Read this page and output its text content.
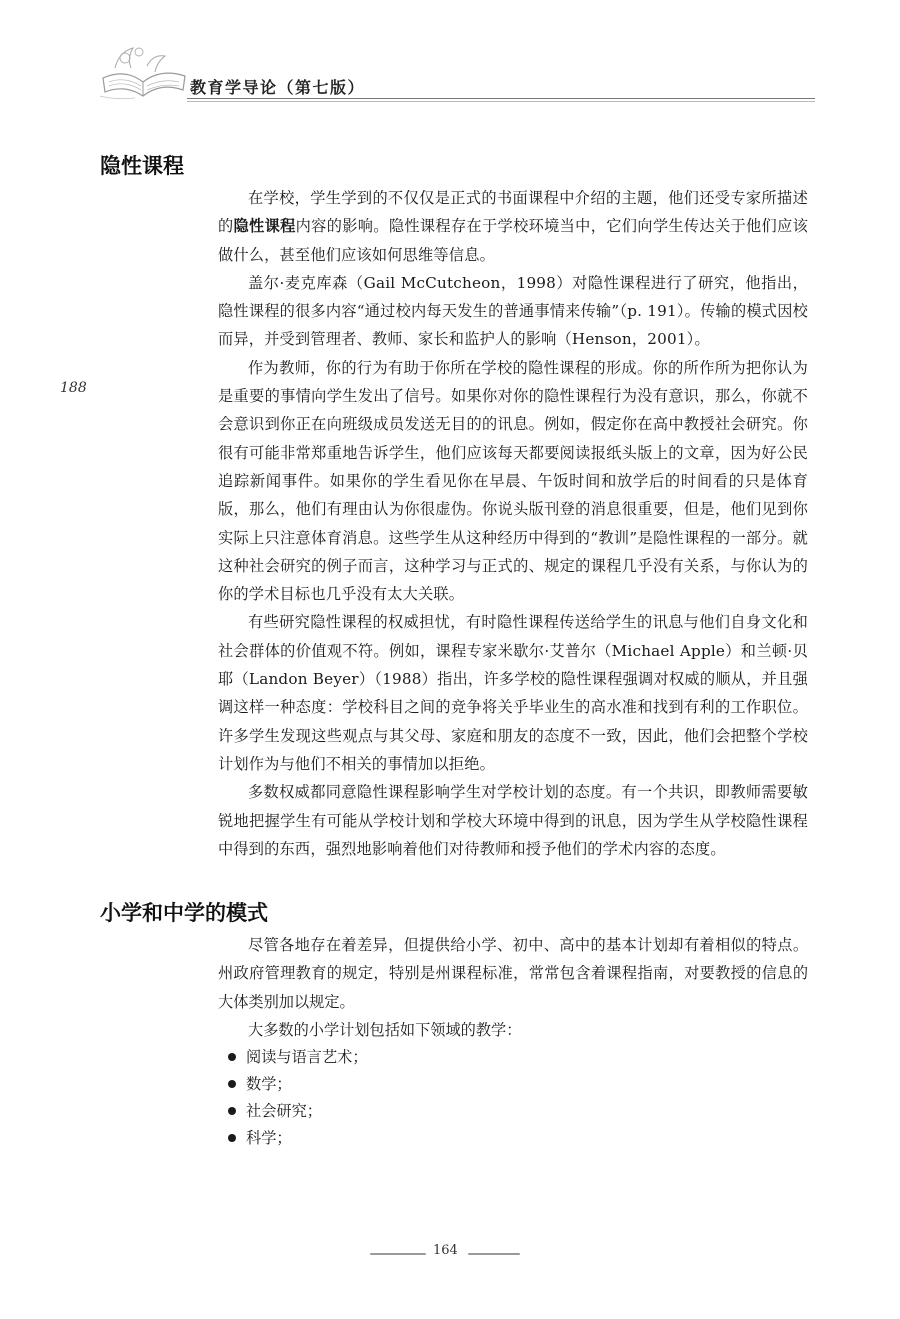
教育学导论（第七版）
188
隐性课程

在学校，学生学到的不仅仅是正式的书面课程中介绍的主题，他们还受专家所描述的隐性课程内容的影响。隐性课程存在于学校环境当中，它们向学生传达关于他们应该做什么，甚至他们应该如何思维等信息。

盖尔·麦克库森（Gail McCutcheon，1998）对隐性课程进行了研究，他指出，隐性课程的很多内容“通过校内每天发生的普通事情来传输”（p. 191）。传输的模式因校而异，并受到管理者、教师、家长和监护人的影响（Henson，2001）。

作为教师，你的行为有助于你所在学校的隐性课程的形成。你的所作所为把你认为是重要的事情向学生发出了信号。如果你对你的隐性课程行为没有意识，那么，你就不会意识到你正在向班级成员发送无目的的讯息。例如，假定你在高中教授社会研究。你很有可能非常郑重地告诉学生，他们应该每天都要阅读报纸头版上的文章，因为好公民追踪新闻事件。如果你的学生看见你在早晨、午饭时间和放学后的时间看的只是体育版，那么，他们有理由认为你很虚伪。你说头版刊登的消息很重要，但是，他们见到你实际上只注意体育消息。这些学生从这种经历中得到的“教训”是隐性课程的一部分。就这种社会研究的例子而言，这种学习与正式的、规定的课程几乎没有关系，与你认为的你的学术目标也几乎没有太大关联。

有些研究隐性课程的权威担忧，有时隐性课程传送给学生的讯息与他们自身文化和社会群体的价值观不符。例如，课程专家米歇尔·艾普尔（Michael Apple）和兰顿·贝耶（Landon Beyer）（1988）指出，许多学校的隐性课程强调对权威的顺从，并且强调这样一种态度：学校科目之间的竞争将关乎毕业生的高水准和找到有利的工作职位。许多学生发现这些观点与其父母、家庭和朋友的态度不一致，因此，他们会把整个学校计划作为与他们不相关的事情加以拒绝。

多数权威都同意隐性课程影响学生对学校计划的态度。有一个共识，即教师需要敏锐地把握学生有可能从学校计划和学校大环境中得到的讯息，因为学生从学校隐性课程中得到的东西，强烈地影响着他们对待教师和授予他们的学术内容的态度。

小学和中学的模式

尽管各地存在着差异，但提供给小学、初中、高中的基本计划却有着相似的特点。州政府管理教育的规定，特别是州课程标准，常常包含着课程指南，对要教授的信息的大体类别加以规定。

大多数的小学计划包括如下领域的教学：

阅读与语言艺术；
数学；
社会研究；
科学；
164
